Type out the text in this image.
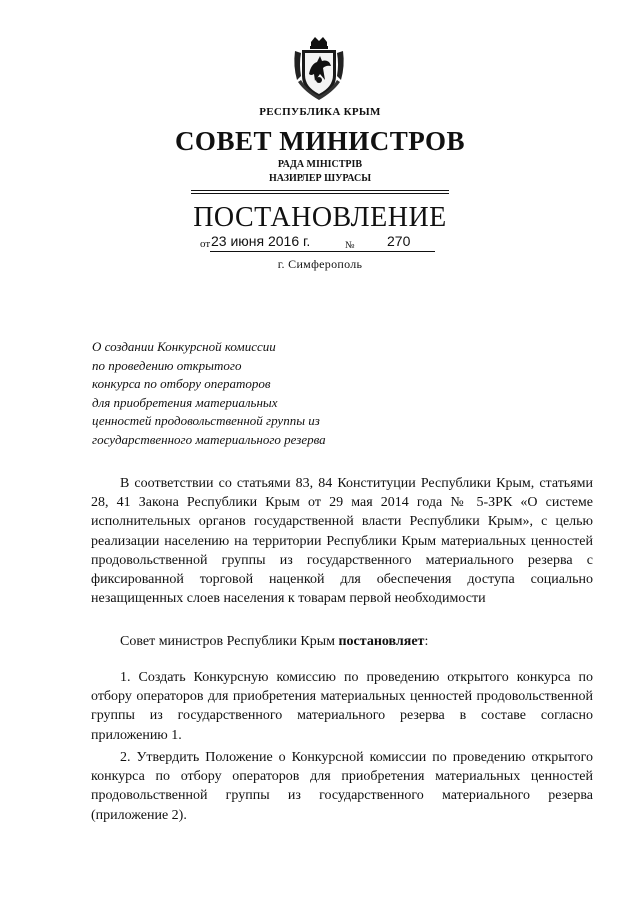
РЕСПУБЛИКА КРЫМ
СОВЕТ МИНИСТРОВ
РАДА МIНIСТРIВ
НАЗИРЛЕР ШУРАСЫ
ПОСТАНОВЛЕНИЕ
от 23 июня 2016 г.	№ 270
г. Симферополь
О создании Конкурсной комиссии
по проведению открытого
конкурса по отбору операторов
для приобретения материальных
ценностей продовольственной группы из
государственного материального резерва
В соответствии со статьями 83, 84 Конституции Республики Крым, статьями 28, 41 Закона Республики Крым от 29 мая 2014 года № 5-ЗРК «О системе исполнительных органов государственной власти Республики Крым», с целью реализации населению на территории Республики Крым материальных ценностей продовольственной группы из государственного материального резерва с фиксированной торговой наценкой для обеспечения доступа социально незащищенных слоев населения к товарам первой необходимости
Совет министров Республики Крым постановляет:
1. Создать Конкурсную комиссию по проведению открытого конкурса по отбору операторов для приобретения материальных ценностей продовольственной группы из государственного материального резерва в составе согласно приложению 1.
2. Утвердить Положение о Конкурсной комиссии по проведению открытого конкурса по отбору операторов для приобретения материальных ценностей продовольственной группы из государственного материального резерва (приложение 2).
